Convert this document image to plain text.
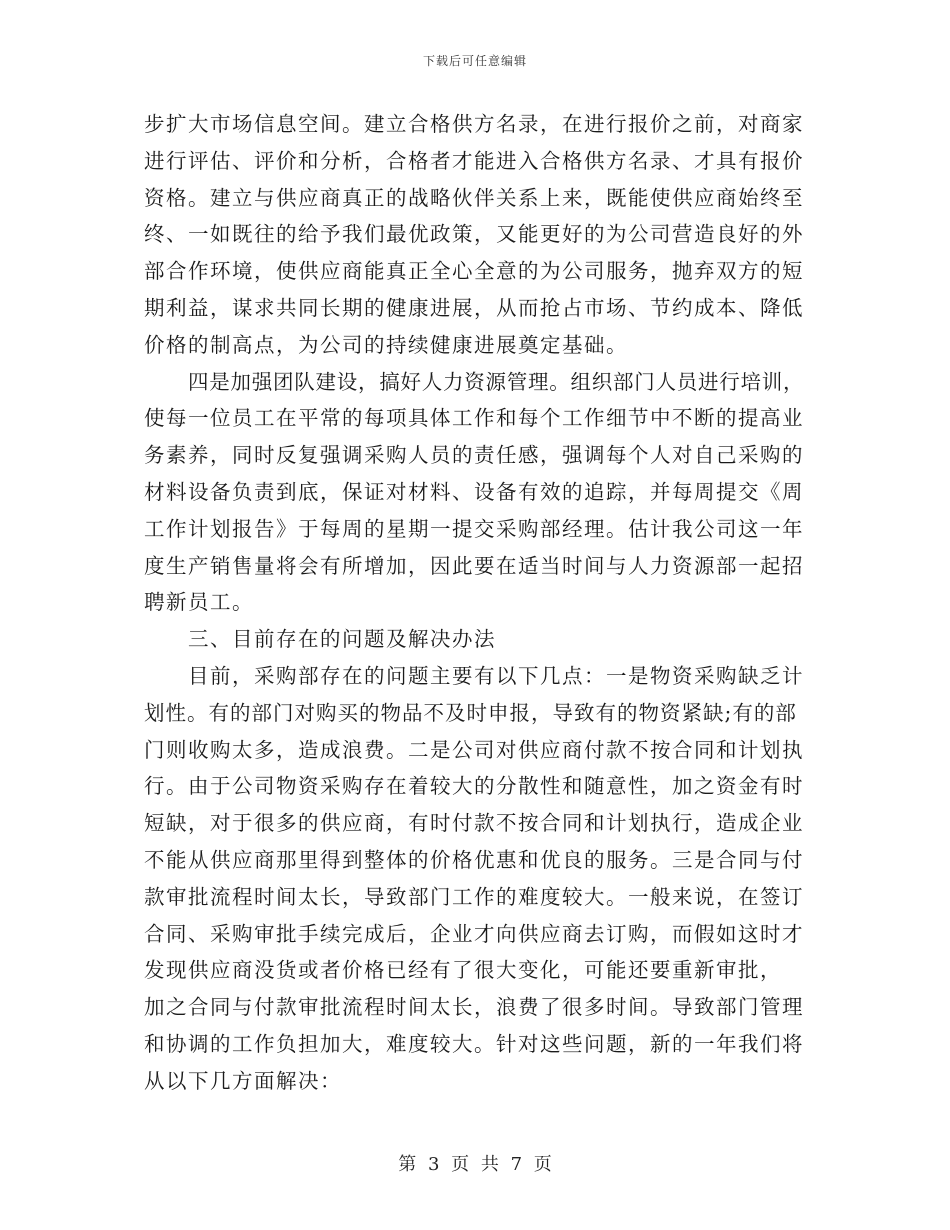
下载后可任意编辑
步扩大市场信息空间。建立合格供方名录，在进行报价之前，对商家
进行评估、评价和分析，合格者才能进入合格供方名录、才具有报价
资格。建立与供应商真正的战略伙伴关系上来，既能使供应商始终至
终、一如既往的给予我们最优政策，又能更好的为公司营造良好的外
部合作环境，使供应商能真正全心全意的为公司服务，抛弃双方的短
期利益，谋求共同长期的健康进展，从而抢占市场、节约成本、降低
价格的制高点，为公司的持续健康进展奠定基础。
四是加强团队建设，搞好人力资源管理。组织部门人员进行培训，
使每一位员工在平常的每项具体工作和每个工作细节中不断的提高业
务素养，同时反复强调采购人员的责任感，强调每个人对自己采购的
材料设备负责到底，保证对材料、设备有效的追踪，并每周提交《周
工作计划报告》于每周的星期一提交采购部经理。估计我公司这一年
度生产销售量将会有所增加，因此要在适当时间与人力资源部一起招
聘新员工。
三、目前存在的问题及解决办法
目前，采购部存在的问题主要有以下几点：一是物资采购缺乏计
划性。有的部门对购买的物品不及时申报，导致有的物资紧缺;有的部
门则收购太多，造成浪费。二是公司对供应商付款不按合同和计划执
行。由于公司物资采购存在着较大的分散性和随意性，加之资金有时
短缺，对于很多的供应商，有时付款不按合同和计划执行，造成企业
不能从供应商那里得到整体的价格优惠和优良的服务。三是合同与付
款审批流程时间太长，导致部门工作的难度较大。一般来说，在签订
合同、采购审批手续完成后，企业才向供应商去订购，而假如这时才
发现供应商没货或者价格已经有了很大变化，可能还要重新审批，
加之合同与付款审批流程时间太长，浪费了很多时间。导致部门管理
和协调的工作负担加大，难度较大。针对这些问题，新的一年我们将
从以下几方面解决：
第 3 页 共 7 页
